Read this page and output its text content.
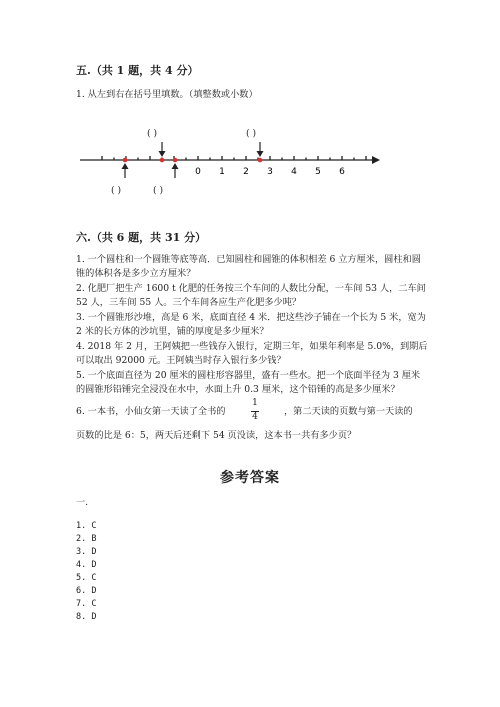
五.（共 1 题，共 4 分）
1. 从左到右在括号里填数。（填整数或小数）
( )	( )
0 1 2 3 4 5 6
( )	( )
六.（共 6 题，共 31 分）
1. 一个圆柱和一个圆锥等底等高．已知圆柱和圆锥的体积相差 6 立方厘米，圆柱和圆锥的体积各是多少立方厘米？
2. 化肥厂把生产 1600 t 化肥的任务按三个车间的人数比分配，一车间 53 人，二车间 52 人，三车间 55 人。三个车间各应生产化肥多少吨？
3. 一个圆锥形沙堆，高是 6 米，底面直径 4 米．把这些沙子铺在一个长为 5 米，宽为 2 米的长方体的沙坑里，铺的厚度是多少厘米？
4. 2018 年 2 月，王阿姨把一些钱存入银行，定期三年，如果年利率是 5.0%，到期后可以取出 92000 元。王阿姨当时存入银行多少钱？
5. 一个底面直径为 20 厘米的圆柱形容器里，盛有一些水。把一个底面半径为 3 厘米的圆锥形铅锤完全浸没在水中，水面上升 0.3 厘米，这个铅锤的高是多少厘米？
6. 一本书，小仙女第一天读了全书的
1
4	，第二天读的页数与第一天读的
页数的比是 6：5，两天后还剩下 54 页没读，这本书一共有多少页？
参考答案
一.
1. C
2. B
3. D
4. D
5. C
6. D
7. C
8. D
